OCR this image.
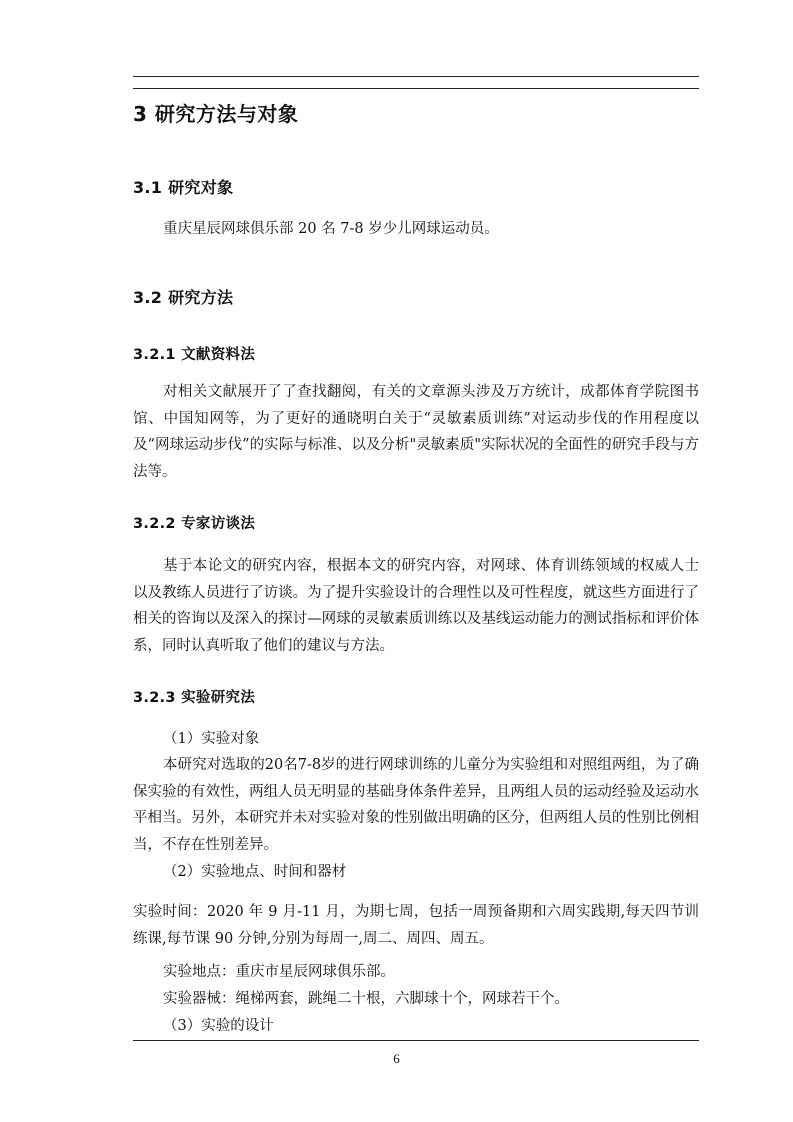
3 研究方法与对象
3.1 研究对象
重庆星辰网球俱乐部 20 名 7-8 岁少儿网球运动员。
3.2 研究方法
3.2.1 文献资料法
对相关文献展开了了查找翻阅，有关的文章源头涉及万方统计，成都体育学院图书馆、中国知网等，为了更好的通晓明白关于“灵敏素质训练”对运动步伐的作用程度以及“网球运动步伐”的实际与标准、以及分析"灵敏素质"实际状况的全面性的研究手段与方法等。
3.2.2 专家访谈法
基于本论文的研究内容，根据本文的研究内容，对网球、体育训练领域的权威人士以及教练人员进行了访谈。为了提升实验设计的合理性以及可性程度，就这些方面进行了相关的咨询以及深入的探讨—网球的灵敏素质训练以及基线运动能力的测试指标和评价体系，同时认真听取了他们的建议与方法。
3.2.3 实验研究法
（1）实验对象
本研究对选取的20名7-8岁的进行网球训练的儿童分为实验组和对照组两组，为了确保实验的有效性，两组人员无明显的基础身体条件差异，且两组人员的运动经验及运动水平相当。另外，本研究并未对实验对象的性别做出明确的区分，但两组人员的性别比例相当，不存在性别差异。
（2）实验地点、时间和器材
实验时间：2020 年 9 月-11 月，为期七周，包括一周预备期和六周实践期,每天四节训练课,每节课 90 分钟,分别为每周一,周二、周四、周五。
实验地点：重庆市星辰网球俱乐部。
实验器械：绳梯两套，跳绳二十根，六脚球十个，网球若干个。
（3）实验的设计
6
